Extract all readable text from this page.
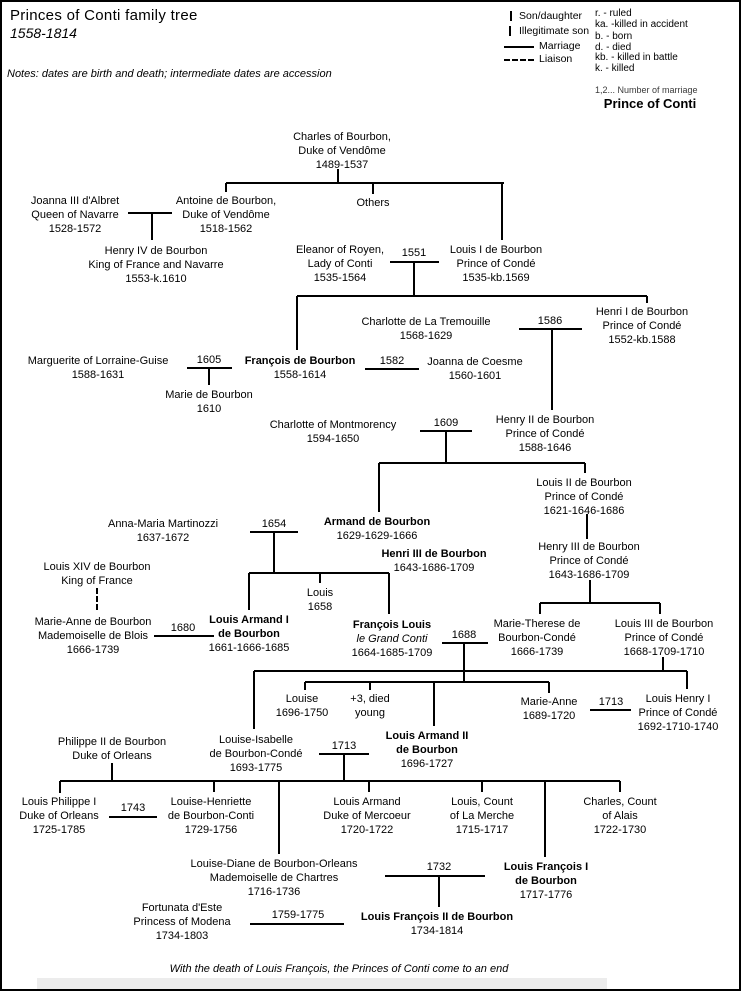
Princes of Conti family tree
1558-1814
Notes: dates are birth and death; intermediate dates are accession
Son/daughter
Illegitimate son
Marriage
Liaison
r. - ruled
ka. -killed in accident
b. - born
d. - died
kb. - killed in battle
k. - killed
1,2... Number of marriage
Prince of Conti
Charles of Bourbon,
Duke of Vendôme
1489-1537
Joanna III d'Albret
Queen of Navarre
1528-1572
Antoine de Bourbon,
Duke of Vendôme
1518-1562
Others
Henry IV de Bourbon
King of France and Navarre
1553-k.1610
Eleanor of Royen,
Lady of Conti
1535-1564
Louis I de Bourbon
Prince of Condé
1535-kb.1569
Charlotte de La Tremouille
1568-1629
Henri I de Bourbon
Prince of Condé
1552-kb.1588
Marguerite of Lorraine-Guise
1588-1631
François de Bourbon
1558-1614
Joanna de Coesme
1560-1601
Marie de Bourbon
1610
Charlotte of Montmorency
1594-1650
Henry II de Bourbon
Prince of Condé
1588-1646
Louis II de Bourbon
Prince of Condé
1621-1646-1686
Anna-Maria Martinozzi
1637-1672
Armand de Bourbon
1629-1629-1666
Henri III de Bourbon
1643-1686-1709
Henry III de Bourbon
Prince of Condé
1643-1686-1709
Louis XIV de Bourbon
King of France
Marie-Anne de Bourbon
Mademoiselle de Blois
1666-1739
Louis Armand I
de Bourbon
1661-1666-1685
Louis
1658
François Louis
le Grand Conti
1664-1685-1709
Marie-Therese de
Bourbon-Condé
1666-1739
Louis III de Bourbon
Prince of Condé
1668-1709-1710
Louise
1696-1750
+3, died
young
Marie-Anne
1689-1720
Louis Henry I
Prince of Condé
1692-1710-1740
Philippe II de Bourbon
Duke of Orleans
Louise-Isabelle
de Bourbon-Condé
1693-1775
Louis Armand II
de Bourbon
1696-1727
Louis Philippe I
Duke of Orleans
1725-1785
Louise-Henriette
de Bourbon-Conti
1729-1756
Louis Armand
Duke of Mercoeur
1720-1722
Louis, Count
of La Merche
1715-1717
Charles, Count
of Alais
1722-1730
Louise-Diane de Bourbon-Orleans
Mademoiselle de Chartres
1716-1736
Louis François I
de Bourbon
1717-1776
Fortunata d'Este
Princess of Modena
1734-1803
Louis François II de Bourbon
1734-1814
1551
1586
1605	1582
1609
1654
1680
1688
1713
1713
1743
1732
1759-1775
With the death of Louis François, the Princes of Conti come to an end
